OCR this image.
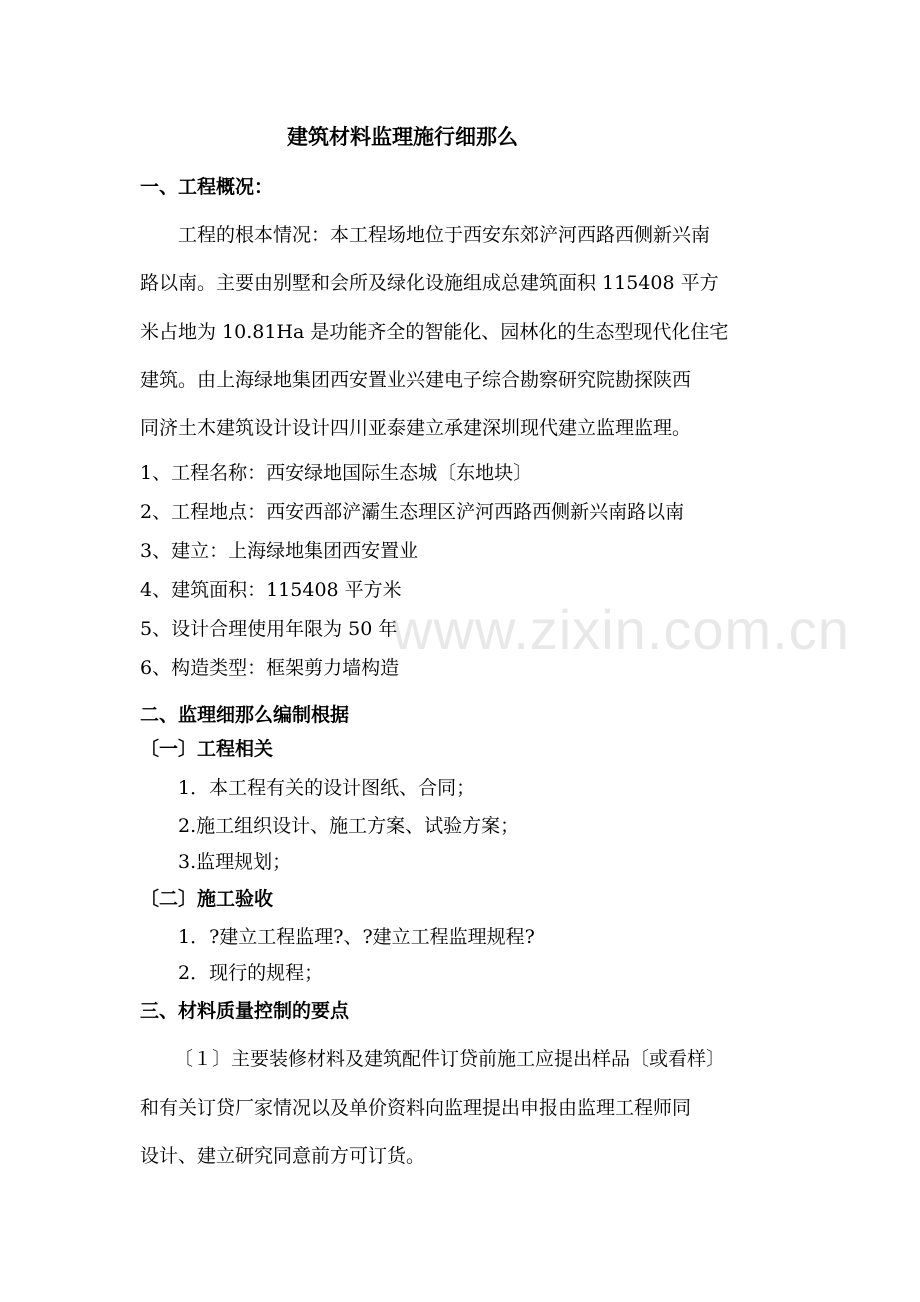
建筑材料监理施行细那么
一、工程概况：
工程的根本情况：本工程场地位于西安东郊浐河西路西侧新兴南
路以南。主要由别墅和会所及绿化设施组成总建筑面积 115408 平方
米占地为 10.81Ha 是功能齐全的智能化、园林化的生态型现代化住宅
建筑。由上海绿地集团西安置业兴建电子综合勘察研究院勘探陕西
同济土木建筑设计设计四川亚泰建立承建深圳现代建立监理监理。
1、工程名称：西安绿地国际生态城〔东地块〕
2、工程地点：西安西部浐灞生态理区浐河西路西侧新兴南路以南
3、建立：上海绿地集团西安置业
4、建筑面积：115408 平方米
5、设计合理使用年限为 50 年
6、构造类型：框架剪力墙构造
二、监理细那么编制根据
〔一〕工程相关
1．本工程有关的设计图纸、合同；
2.施工组织设计、施工方案、试验方案；
3.监理规划；
〔二〕施工验收
1．?建立工程监理?、?建立工程监理规程?
2．现行的规程；
三、材料质量控制的要点
〔１〕主要装修材料及建筑配件订贷前施工应提出样品〔或看样〕
和有关订贷厂家情况以及单价资料向监理提出申报由监理工程师同
设计、建立研究同意前方可订货。
www.zixin.com.cn
